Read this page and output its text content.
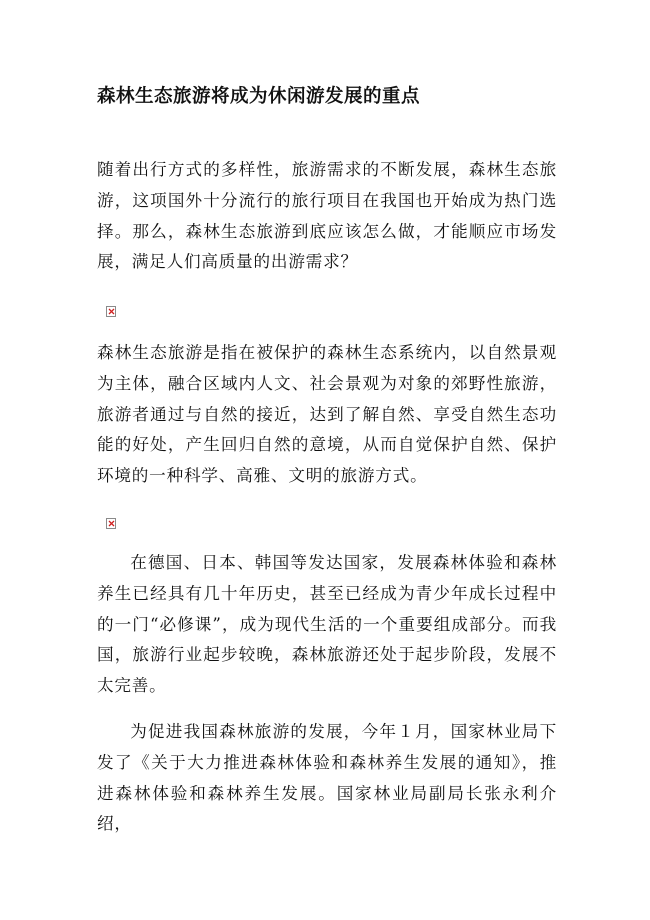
森林生态旅游将成为休闲游发展的重点

随着出行方式的多样性，旅游需求的不断发展，森林生态旅游，这项国外十分流行的旅行项目在我国也开始成为热门选择。那么，森林生态旅游到底应该怎么做，才能顺应市场发展，满足人们高质量的出游需求？

森林生态旅游是指在被保护的森林生态系统内，以自然景观为主体，融合区域内人文、社会景观为对象的郊野性旅游，旅游者通过与自然的接近，达到了解自然、享受自然生态功能的好处，产生回归自然的意境，从而自觉保护自然、保护环境的一种科学、高雅、文明的旅游方式。

在德国、日本、韩国等发达国家，发展森林体验和森林养生已经具有几十年历史，甚至已经成为青少年成长过程中的一门“必修课”，成为现代生活的一个重要组成部分。而我国，旅游行业起步较晚，森林旅游还处于起步阶段，发展不太完善。

为促进我国森林旅游的发展，今年１月，国家林业局下发了《关于大力推进森林体验和森林养生发展的通知》，推进森林体验和森林养生发展。国家林业局副局长张永利介绍，
